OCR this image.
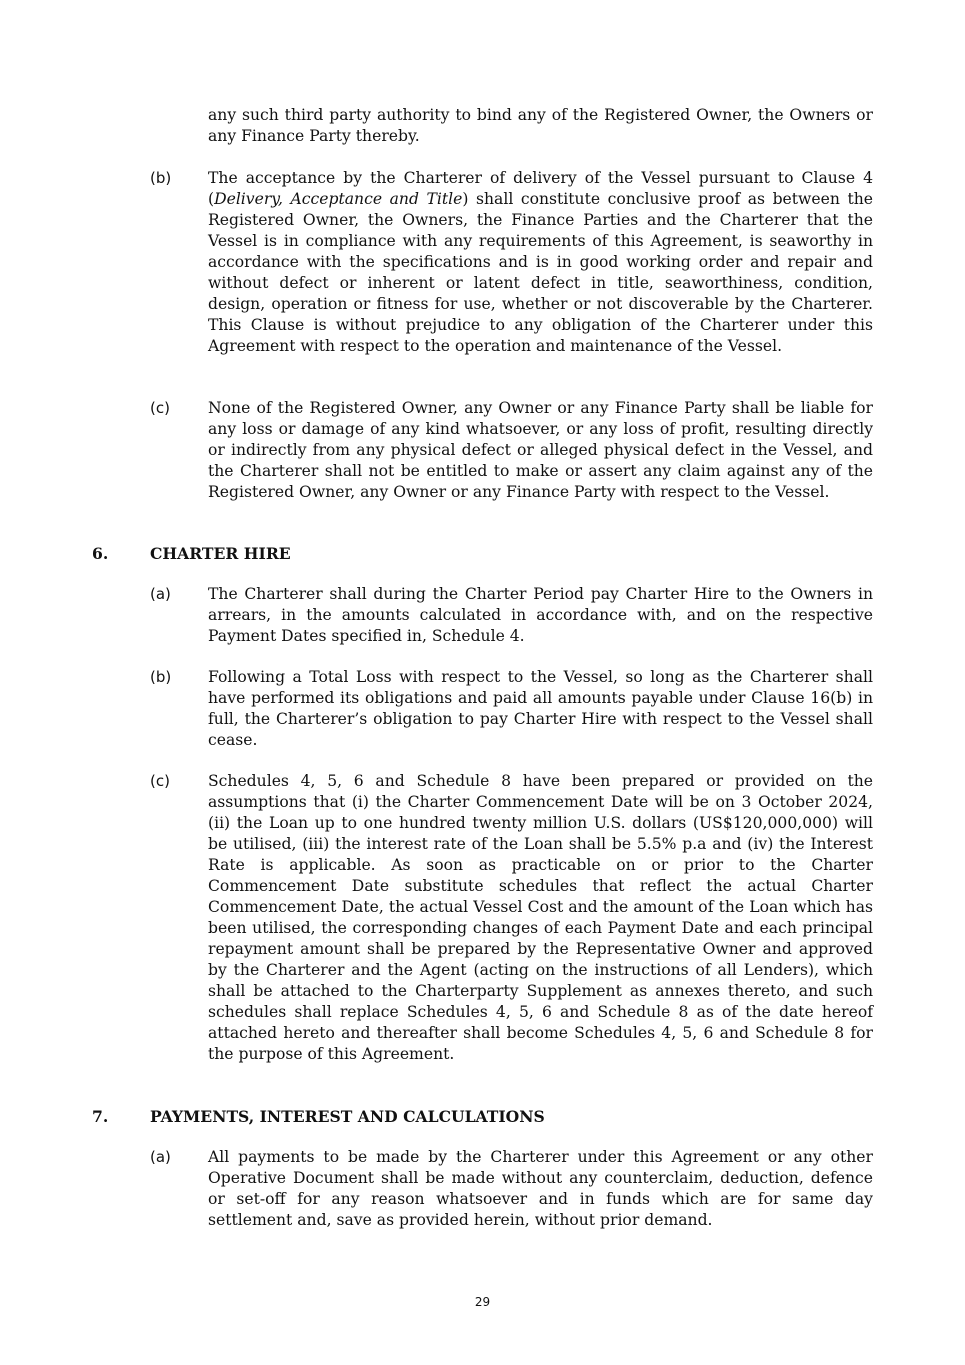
any such third party authority to bind any of the Registered Owner, the Owners or any Finance Party thereby.
(b) The acceptance by the Charterer of delivery of the Vessel pursuant to Clause 4 (Delivery, Acceptance and Title) shall constitute conclusive proof as between the Registered Owner, the Owners, the Finance Parties and the Charterer that the Vessel is in compliance with any requirements of this Agreement, is seaworthy in accordance with the specifications and is in good working order and repair and without defect or inherent or latent defect in title, seaworthiness, condition, design, operation or fitness for use, whether or not discoverable by the Charterer. This Clause is without prejudice to any obligation of the Charterer under this Agreement with respect to the operation and maintenance of the Vessel.
(c) None of the Registered Owner, any Owner or any Finance Party shall be liable for any loss or damage of any kind whatsoever, or any loss of profit, resulting directly or indirectly from any physical defect or alleged physical defect in the Vessel, and the Charterer shall not be entitled to make or assert any claim against any of the Registered Owner, any Owner or any Finance Party with respect to the Vessel.
6.	CHARTER HIRE
(a) The Charterer shall during the Charter Period pay Charter Hire to the Owners in arrears, in the amounts calculated in accordance with, and on the respective Payment Dates specified in, Schedule 4.
(b) Following a Total Loss with respect to the Vessel, so long as the Charterer shall have performed its obligations and paid all amounts payable under Clause 16(b) in full, the Charterer’s obligation to pay Charter Hire with respect to the Vessel shall cease.
(c) Schedules 4, 5, 6 and Schedule 8 have been prepared or provided on the assumptions that (i) the Charter Commencement Date will be on 3 October 2024, (ii) the Loan up to one hundred twenty million U.S. dollars (US$120,000,000) will be utilised, (iii) the interest rate of the Loan shall be 5.5% p.a and (iv) the Interest Rate is applicable. As soon as practicable on or prior to the Charter Commencement Date substitute schedules that reflect the actual Charter Commencement Date, the actual Vessel Cost and the amount of the Loan which has been utilised, the corresponding changes of each Payment Date and each principal repayment amount shall be prepared by the Representative Owner and approved by the Charterer and the Agent (acting on the instructions of all Lenders), which shall be attached to the Charterparty Supplement as annexes thereto, and such schedules shall replace Schedules 4, 5, 6 and Schedule 8 as of the date hereof attached hereto and thereafter shall become Schedules 4, 5, 6 and Schedule 8 for the purpose of this Agreement.
7.	PAYMENTS, INTEREST AND CALCULATIONS
(a) All payments to be made by the Charterer under this Agreement or any other Operative Document shall be made without any counterclaim, deduction, defence or set-off for any reason whatsoever and in funds which are for same day settlement and, save as provided herein, without prior demand.
29
